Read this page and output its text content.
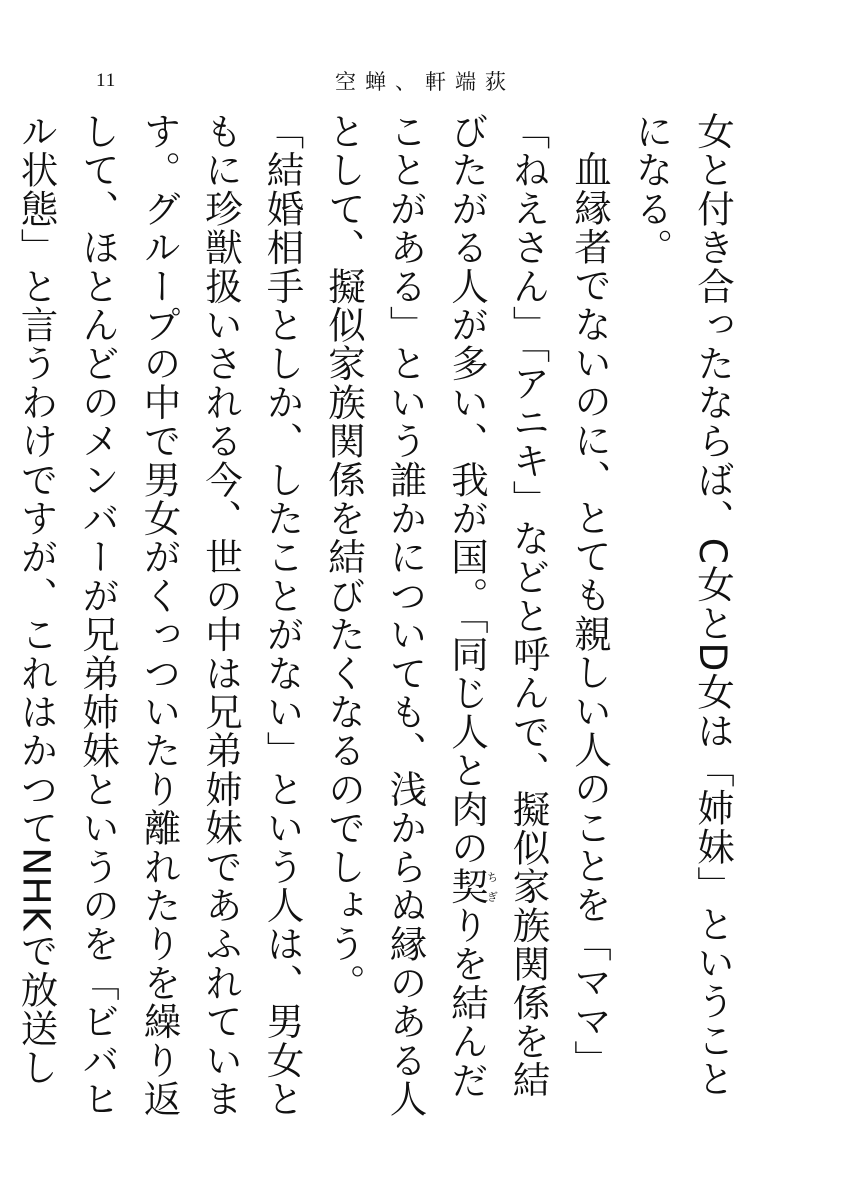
11	空蝉、軒端荻

女と付き合ったならば、C女とD女は「姉妹」ということになる。

血縁者でないのに、とても親しい人のことを「ママ」「ねえさん」「アニキ」などと呼んで、擬似家族関係を結びたがる人が多い、我が国。「同じ人と肉の契ちぎりを結んだことがある」という誰かについても、浅からぬ縁のある人として、擬似家族関係を結びたくなるのでしょう。

「結婚相手としか、したことがない」という人は、男女ともに珍獣扱いされる今、世の中は兄弟姉妹であふれています。グループの中で男女がくっついたり離れたりを繰り返して、ほとんどのメンバーが兄弟姉妹というのを「ビバヒル状態」と言うわけですが、これはかつてNHKで放送し
